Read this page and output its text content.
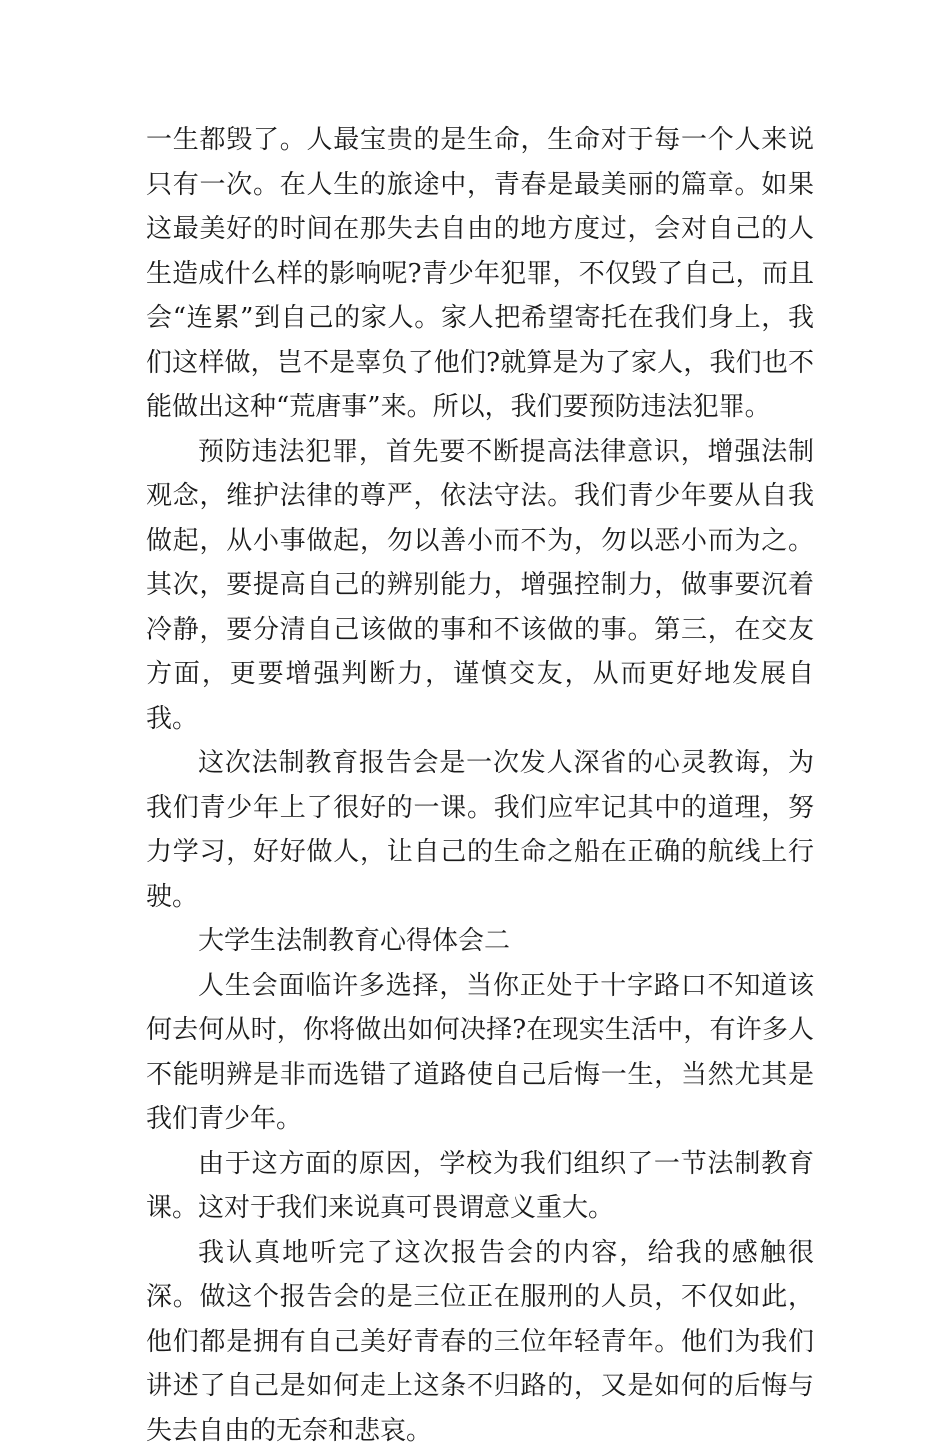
一生都毁了。人最宝贵的是生命，生命对于每一个人来说只有一次。在人生的旅途中，青春是最美丽的篇章。如果这最美好的时间在那失去自由的地方度过，会对自己的人生造成什么样的影响呢?青少年犯罪，不仅毁了自己，而且会“连累”到自己的家人。家人把希望寄托在我们身上，我们这样做，岂不是辜负了他们?就算是为了家人，我们也不能做出这种“荒唐事”来。所以，我们要预防违法犯罪。

预防违法犯罪，首先要不断提高法律意识，增强法制观念，维护法律的尊严，依法守法。我们青少年要从自我做起，从小事做起，勿以善小而不为，勿以恶小而为之。其次，要提高自己的辨别能力，增强控制力，做事要沉着冷静，要分清自己该做的事和不该做的事。第三，在交友方面，更要增强判断力，谨慎交友，从而更好地发展自我。

这次法制教育报告会是一次发人深省的心灵教诲，为我们青少年上了很好的一课。我们应牢记其中的道理，努力学习，好好做人，让自己的生命之船在正确的航线上行驶。

大学生法制教育心得体会二

人生会面临许多选择，当你正处于十字路口不知道该何去何从时，你将做出如何决择?在现实生活中，有许多人不能明辨是非而选错了道路使自己后悔一生，当然尤其是我们青少年。

由于这方面的原因，学校为我们组织了一节法制教育课。这对于我们来说真可畏谓意义重大。

我认真地听完了这次报告会的内容，给我的感触很深。做这个报告会的是三位正在服刑的人员，不仅如此，他们都是拥有自己美好青春的三位年轻青年。他们为我们讲述了自己是如何走上这条不归路的，又是如何的后悔与失去自由的无奈和悲哀。
